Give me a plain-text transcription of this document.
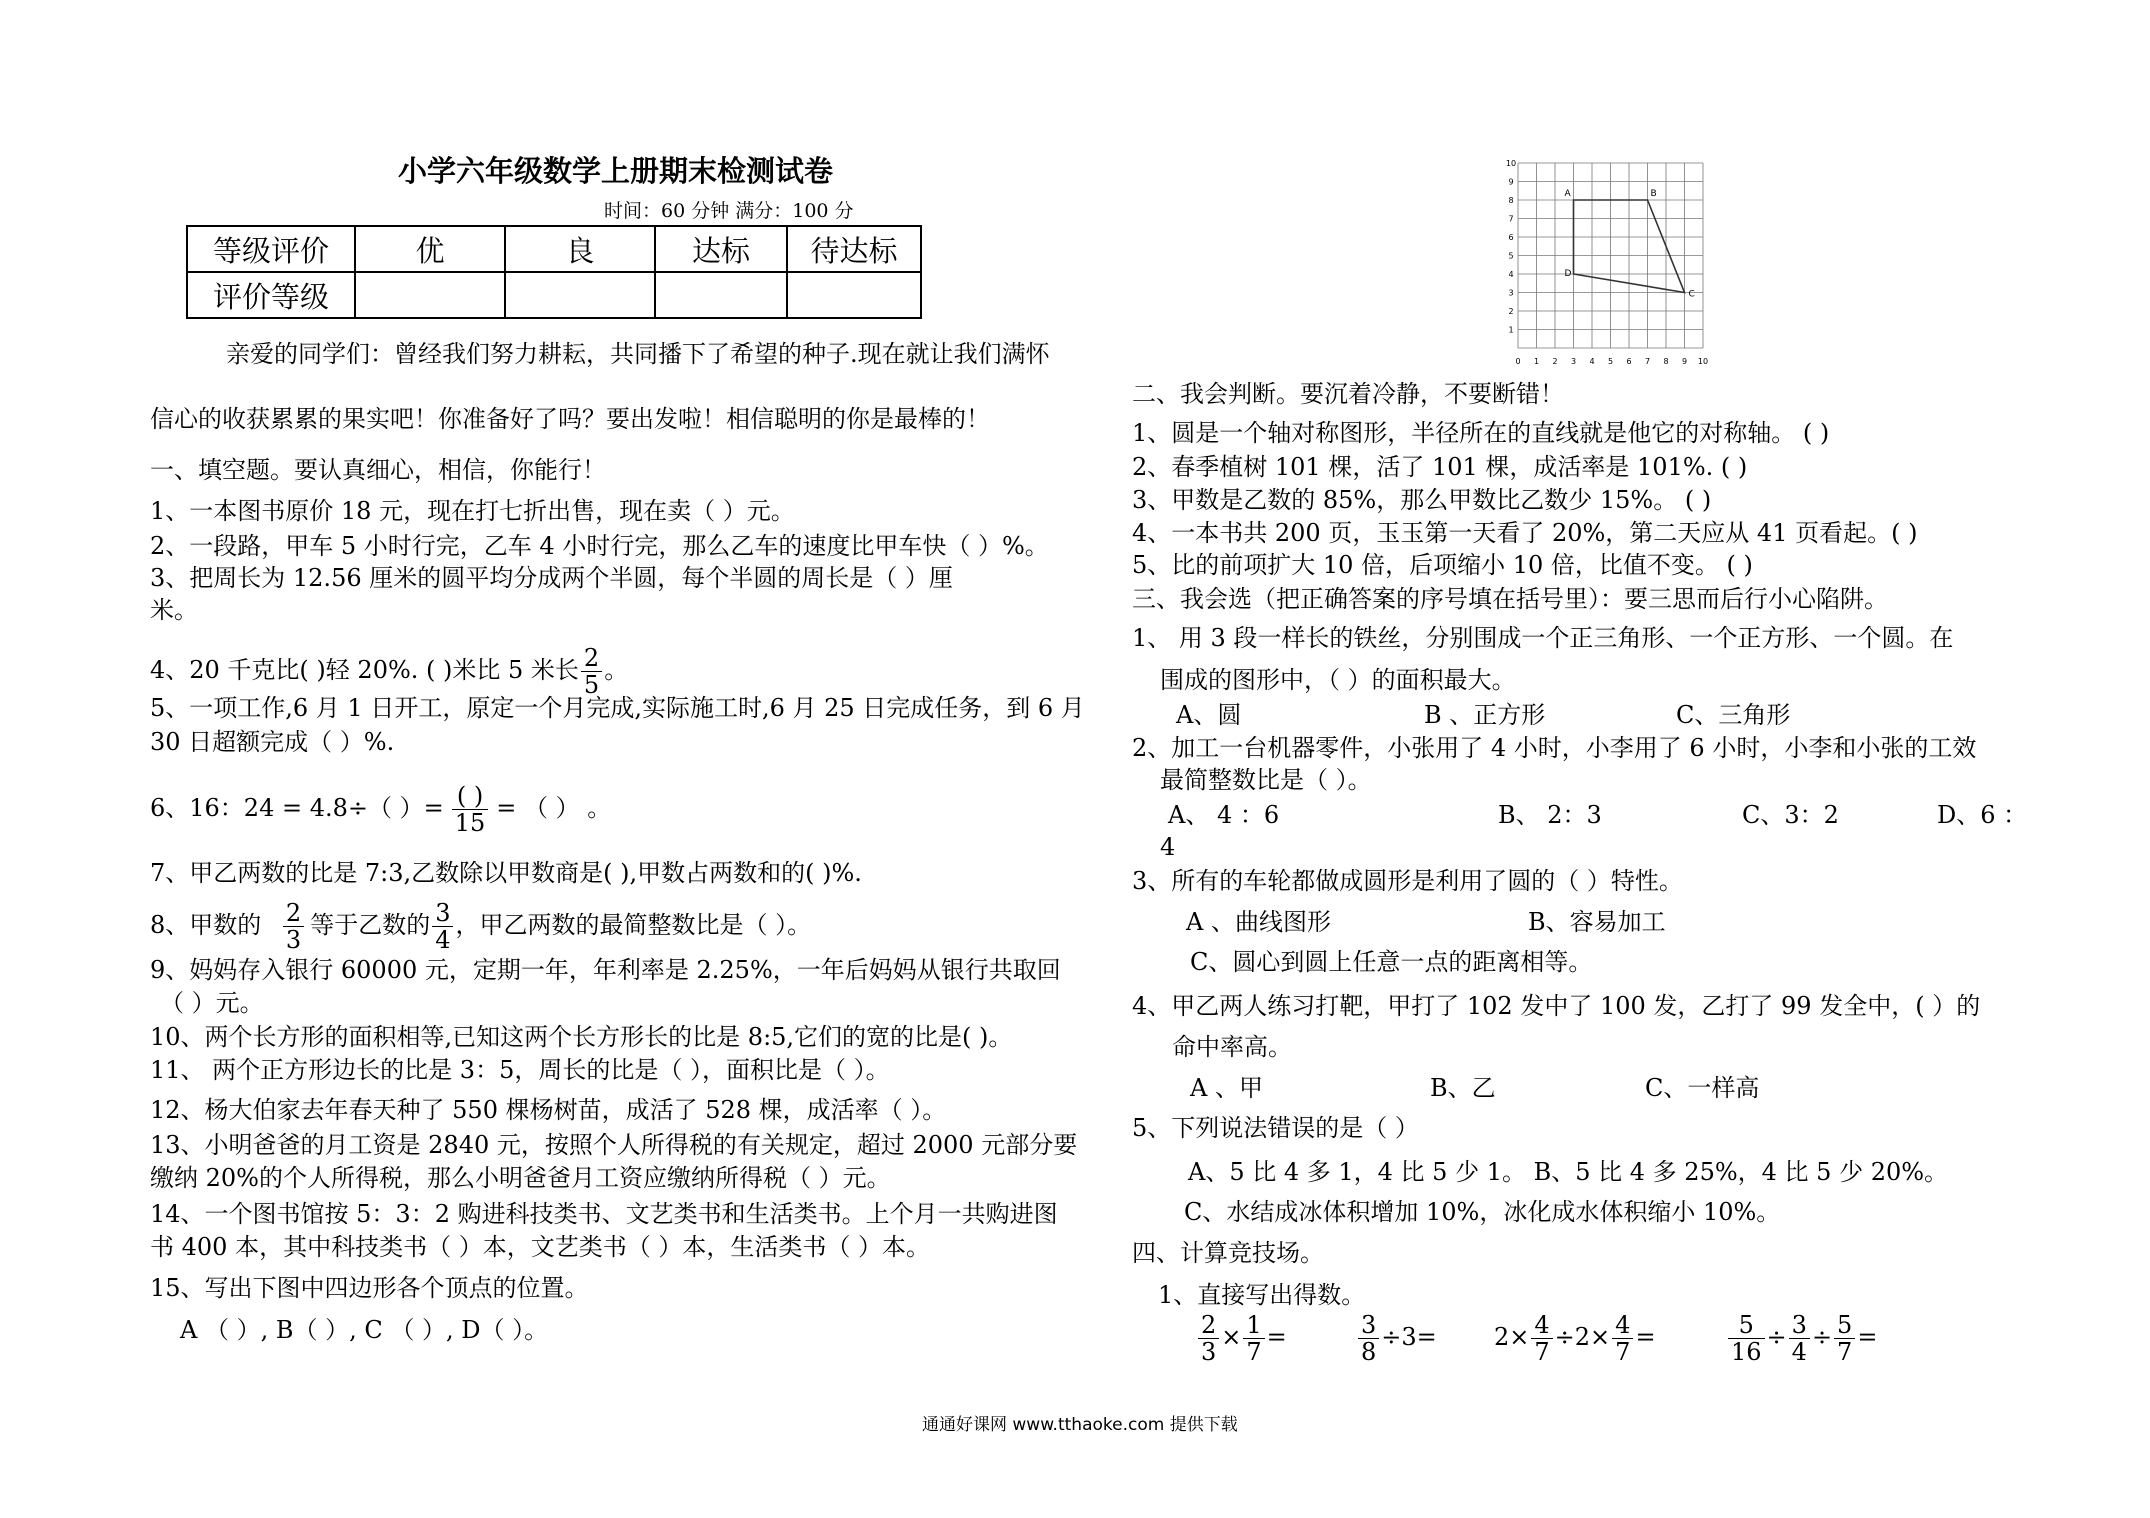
小学六年级数学上册期末检测试卷
时间：60 分钟 满分：100 分
等级评价	优	良	达标	待达标
评价等级				
亲爱的同学们：曾经我们努力耕耘，共同播下了希望的种子.现在就让我们满怀
信心的收获累累的果实吧！你准备好了吗？要出发啦！相信聪明的你是最棒的！
一、填空题。要认真细心，相信，你能行！
1、一本图书原价 18 元，现在打七折出售，现在卖（ ）元。
2、一段路，甲车 5 小时行完，乙车 4 小时行完，那么乙车的速度比甲车快（ ）%。
3、把周长为 12.56 厘米的圆平均分成两个半圆，每个半圆的周长是（ ）厘
米。
4、20 千克比( )轻 20%. ( )米比 5 米长 $\frac{2}{5}$ 。
5、一项工作,6 月 1 日开工，原定一个月完成,实际施工时,6 月 25 日完成任务，到 6 月
30 日超额完成（ ）%.
6、16：24 = 4.8÷（ ）= $\frac{( )}{15}$ = （ ） 。
7、甲乙两数的比是 7:3,乙数除以甲数商是( ),甲数占两数和的( )%.
8、甲数的 $\frac{2}{3}$ 等于乙数的 $\frac{3}{4}$ ，甲乙两数的最简整数比是（ ）。
9、妈妈存入银行 60000 元，定期一年，年利率是 2.25%，一年后妈妈从银行共取回
（ ）元。
10、两个长方形的面积相等,已知这两个长方形长的比是 8:5,它们的宽的比是( )。
11、 两个正方形边长的比是 3：5，周长的比是（ ），面积比是（ ）。
12、杨大伯家去年春天种了 550 棵杨树苗，成活了 528 棵，成活率（ ）。
13、小明爸爸的月工资是 2840 元，按照个人所得税的有关规定，超过 2000 元部分要
缴纳 20%的个人所得税，那么小明爸爸月工资应缴纳所得税（ ）元。
14、一个图书馆按 5：3：2 购进科技类书、文艺类书和生活类书。上个月一共购进图
书 400 本，其中科技类书（ ）本，文艺类书（ ）本，生活类书（ ）本。
15、写出下图中四边形各个顶点的位置。
A （ ）, B（ ）, C （ ）, D（ ）。
0 1 2 3 4 5 6 7 8 9 10
1
2
3
4
5
6
7
8
9
10
A	B
C
D
二、我会判断。要沉着冷静，不要断错！
1、圆是一个轴对称图形，半径所在的直线就是他它的对称轴。 ( )
2、春季植树 101 棵，活了 101 棵，成活率是 101%. ( )
3、甲数是乙数的 85%，那么甲数比乙数少 15%。 ( )
4、一本书共 200 页，玉玉第一天看了 20%，第二天应从 41 页看起。( )
5、比的前项扩大 10 倍，后项缩小 10 倍，比值不变。 ( )
三、我会选（把正确答案的序号填在括号里）：要三思而后行小心陷阱。
1、 用 3 段一样长的铁丝，分别围成一个正三角形、一个正方形、一个圆。在
围成的图形中，（ ）的面积最大。
A、圆	B 、正方形	C、三角形
2、加工一台机器零件，小张用了 4 小时，小李用了 6 小时，小李和小张的工效
最简整数比是（ ）。
A、 4 ：6	B、 2：3	C、3：2	D、6 ：
4
3、所有的车轮都做成圆形是利用了圆的（ ）特性。
A 、曲线图形	B、容易加工
C、圆心到圆上任意一点的距离相等。
4、甲乙两人练习打靶，甲打了 102 发中了 100 发，乙打了 99 发全中，( ）的
命中率高。
A 、甲	B、乙	C、一样高
5、下列说法错误的是（ ）
A、5 比 4 多 1，4 比 5 少 1。 B、5 比 4 多 25%，4 比 5 少 20%。
C、水结成冰体积增加 10%，冰化成水体积缩小 10%。
四、计算竞技场。
1、直接写出得数。
$\frac{2}{3} \times \frac{1}{7}$ =	$\frac{3}{8} \div 3= 2\times \frac{4}{7} \div 2\times \frac{4}{7}$ =	$\frac{5}{16} \div \frac{3}{4} \div \frac{5}{7}$ =
通通好课网 www.tthaoke.com 提供下载
